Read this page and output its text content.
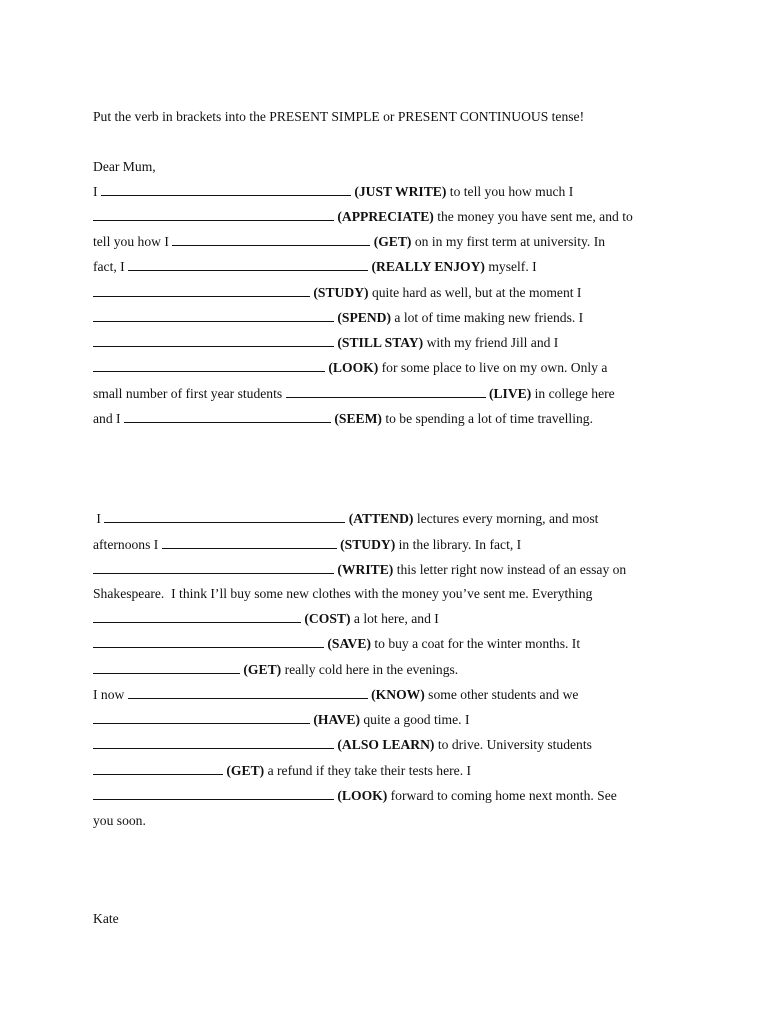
Put the verb in brackets into the PRESENT SIMPLE or PRESENT CONTINUOUS tense!
Dear Mum,
I	(JUST WRITE) to tell you how much I
(APPRECIATE) the money you have sent me, and to
tell you how I	(GET) on in my first term at university. In
fact, I	(REALLY ENJOY) myself. I
(STUDY) quite hard as well, but at the moment I
(SPEND) a lot of time making new friends. I
(STILL STAY) with my friend Jill and I
(LOOK) for some place to live on my own. Only a
small number of first year students	(LIVE) in college here
and I	(SEEM) to be spending a lot of time travelling.
I	(ATTEND) lectures every morning, and most
afternoons I	(STUDY) in the library. In fact, I
(WRITE) this letter right now instead of an essay on
Shakespeare.  I think I’ll buy some new clothes with the money you’ve sent me. Everything
(COST) a lot here, and I
(SAVE) to buy a coat for the winter months. It
(GET) really cold here in the evenings.
I now	(KNOW) some other students and we
(HAVE) quite a good time. I
(ALSO LEARN) to drive. University students
(GET) a refund if they take their tests here. I
(LOOK) forward to coming home next month. See
you soon.
Kate
